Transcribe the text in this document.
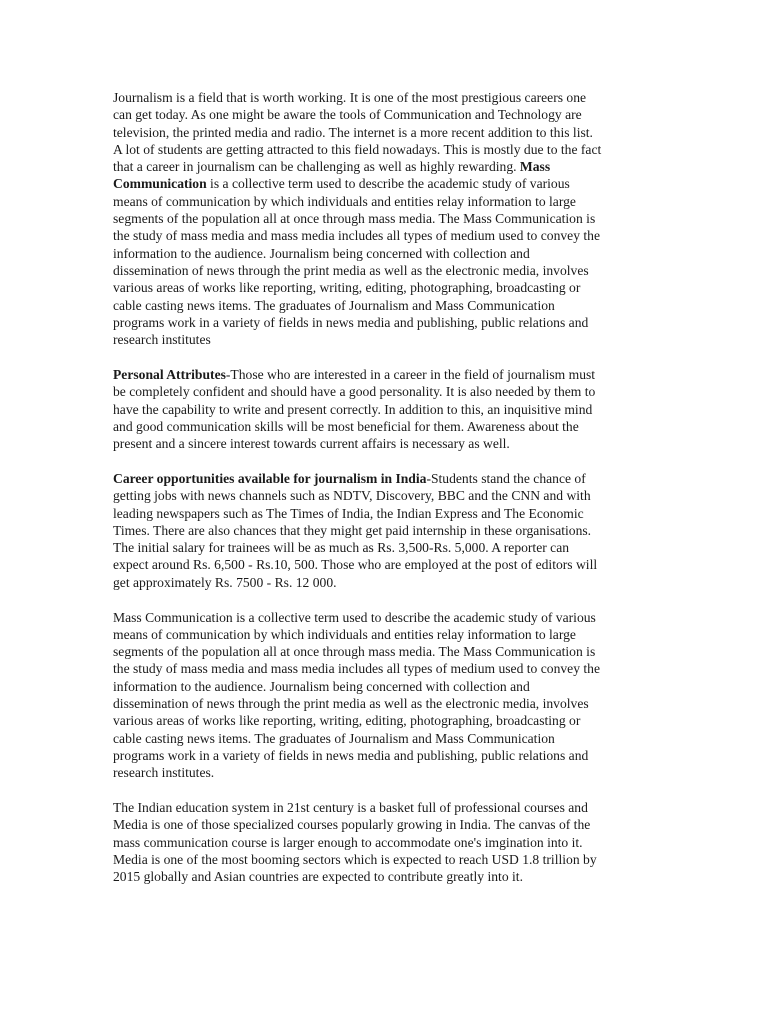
Journalism is a field that is worth working. It is one of the most prestigious careers one
can get today. As one might be aware the tools of Communication and Technology are
television, the printed media and radio. The internet is a more recent addition to this list.
A lot of students are getting attracted to this field nowadays. This is mostly due to the fact
that a career in journalism can be challenging as well as highly rewarding. Mass
Communication is a collective term used to describe the academic study of various
means of communication by which individuals and entities relay information to large
segments of the population all at once through mass media. The Mass Communication is
the study of mass media and mass media includes all types of medium used to convey the
information to the audience. Journalism being concerned with collection and
dissemination of news through the print media as well as the electronic media, involves
various areas of works like reporting, writing, editing, photographing, broadcasting or
cable casting news items. The graduates of Journalism and Mass Communication
programs work in a variety of fields in news media and publishing, public relations and
research institutes

Personal Attributes-Those who are interested in a career in the field of journalism must
be completely confident and should have a good personality. It is also needed by them to
have the capability to write and present correctly. In addition to this, an inquisitive mind
and good communication skills will be most beneficial for them. Awareness about the
present and a sincere interest towards current affairs is necessary as well.

Career opportunities available for journalism in India-Students stand the chance of
getting jobs with news channels such as NDTV, Discovery, BBC and the CNN and with
leading newspapers such as The Times of India, the Indian Express and The Economic
Times. There are also chances that they might get paid internship in these organisations.
The initial salary for trainees will be as much as Rs. 3,500-Rs. 5,000. A reporter can
expect around Rs. 6,500 - Rs.10, 500. Those who are employed at the post of editors will
get approximately Rs. 7500 - Rs. 12 000.

Mass Communication is a collective term used to describe the academic study of various
means of communication by which individuals and entities relay information to large
segments of the population all at once through mass media. The Mass Communication is
the study of mass media and mass media includes all types of medium used to convey the
information to the audience. Journalism being concerned with collection and
dissemination of news through the print media as well as the electronic media, involves
various areas of works like reporting, writing, editing, photographing, broadcasting or
cable casting news items. The graduates of Journalism and Mass Communication
programs work in a variety of fields in news media and publishing, public relations and
research institutes.

The Indian education system in 21st century is a basket full of professional courses and
Media is one of those specialized courses popularly growing in India. The canvas of the
mass communication course is larger enough to accommodate one's imgination into it.
Media is one of the most booming sectors which is expected to reach USD 1.8 trillion by
2015 globally and Asian countries are expected to contribute greatly into it.
